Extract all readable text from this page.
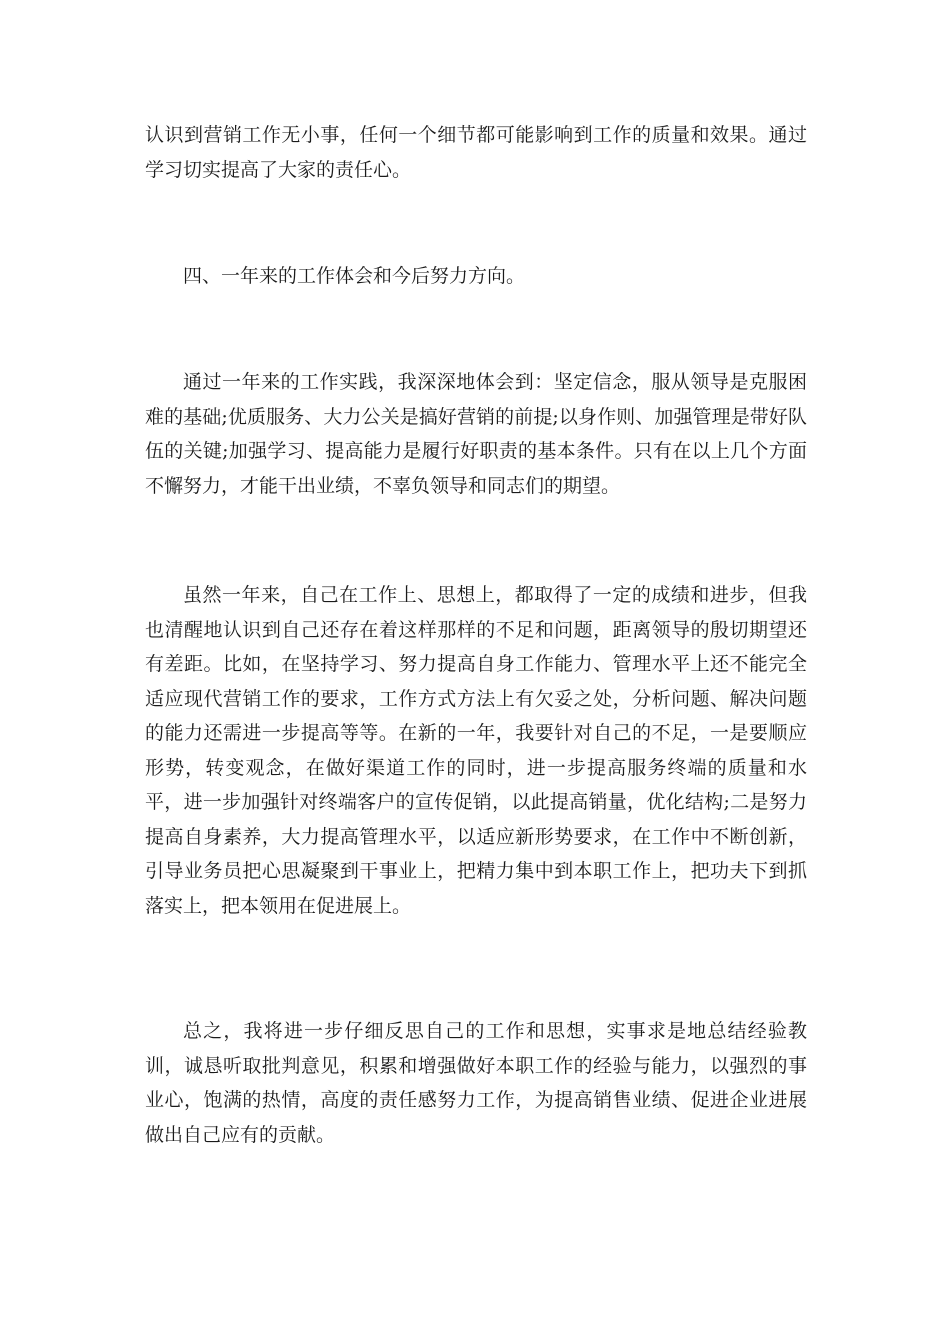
认识到营销工作无小事，任何一个细节都可能影响到工作的质量和效果。通过学习切实提高了大家的责任心。

四、一年来的工作体会和今后努力方向。

通过一年来的工作实践，我深深地体会到：坚定信念，服从领导是克服困难的基础;优质服务、大力公关是搞好营销的前提;以身作则、加强管理是带好队伍的关键;加强学习、提高能力是履行好职责的基本条件。只有在以上几个方面不懈努力，才能干出业绩，不辜负领导和同志们的期望。

虽然一年来，自己在工作上、思想上，都取得了一定的成绩和进步，但我也清醒地认识到自己还存在着这样那样的不足和问题，距离领导的殷切期望还有差距。比如，在坚持学习、努力提高自身工作能力、管理水平上还不能完全适应现代营销工作的要求，工作方式方法上有欠妥之处，分析问题、解决问题的能力还需进一步提高等等。在新的一年，我要针对自己的不足，一是要顺应形势，转变观念，在做好渠道工作的同时，进一步提高服务终端的质量和水平，进一步加强针对终端客户的宣传促销，以此提高销量，优化结构;二是努力提高自身素养，大力提高管理水平，以适应新形势要求，在工作中不断创新，引导业务员把心思凝聚到干事业上，把精力集中到本职工作上，把功夫下到抓落实上，把本领用在促进展上。

总之，我将进一步仔细反思自己的工作和思想，实事求是地总结经验教训，诚恳听取批判意见，积累和增强做好本职工作的经验与能力，以强烈的事业心，饱满的热情，高度的责任感努力工作，为提高销售业绩、促进企业进展做出自己应有的贡献。
